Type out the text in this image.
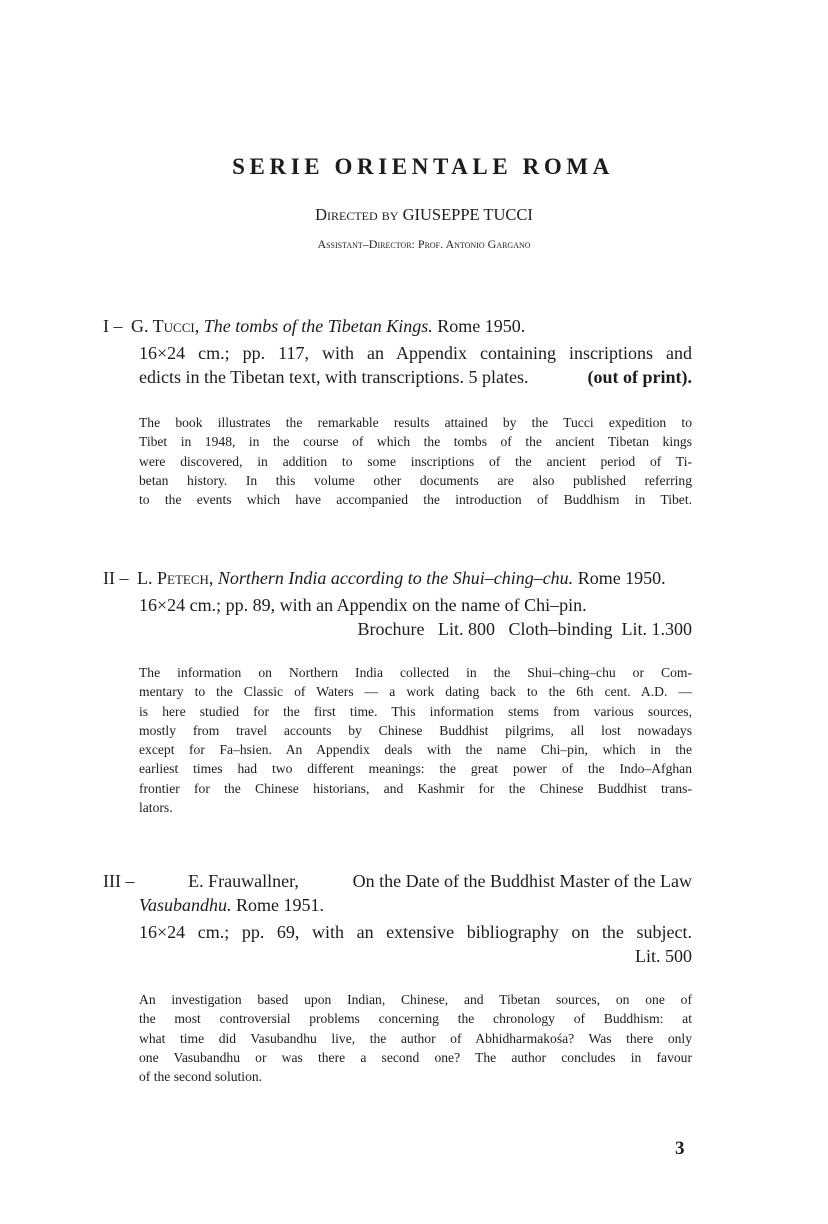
SERIE ORIENTALE ROMA
Directed by GIUSEPPE TUCCI
Assistant–Director: Prof. Antonio Gargano
I – G. Tucci, The tombs of the Tibetan Kings. Rome 1950.
16×24 cm.; pp. 117, with an Appendix containing inscriptions and
edicts in the Tibetan text, with transcriptions. 5 plates.	(out of print).
The book illustrates the remarkable results attained by the Tucci expedition to
Tibet in 1948, in the course of which the tombs of the ancient Tibetan kings
were discovered, in addition to some inscriptions of the ancient period of Ti-
betan history. In this volume other documents are also published referring
to the events which have accompanied the introduction of Buddhism in Tibet.
II – L. Petech, Northern India according to the Shui–ching–chu. Rome 1950.
16×24 cm.; pp. 89, with an Appendix on the name of Chi–pin.
Brochure   Lit. 800   Cloth–binding  Lit. 1.300
The information on Northern India collected in the Shui–ching–chu or Com-
mentary to the Classic of Waters — a work dating back to the 6th cent. A.D. —
is here studied for the first time. This information stems from various sources,
mostly from travel accounts by Chinese Buddhist pilgrims, all lost nowadays
except for Fa–hsien. An Appendix deals with the name Chi–pin, which in the
earliest times had two different meanings: the great power of the Indo–Afghan
frontier for the Chinese historians, and Kashmir for the Chinese Buddhist trans-
lators.
III –	E. Frauwallner,	On the Date of the Buddhist Master of the Law
Vasubandhu. Rome 1951.
16×24 cm.; pp. 69, with an extensive bibliography on the subject.
Lit. 500
An investigation based upon Indian, Chinese, and Tibetan sources, on one of
the most controversial problems concerning the chronology of Buddhism: at
what time did Vasubandhu live, the author of Abhidharmakośa? Was there only
one Vasubandhu or was there a second one? The author concludes in favour
of the second solution.
3
